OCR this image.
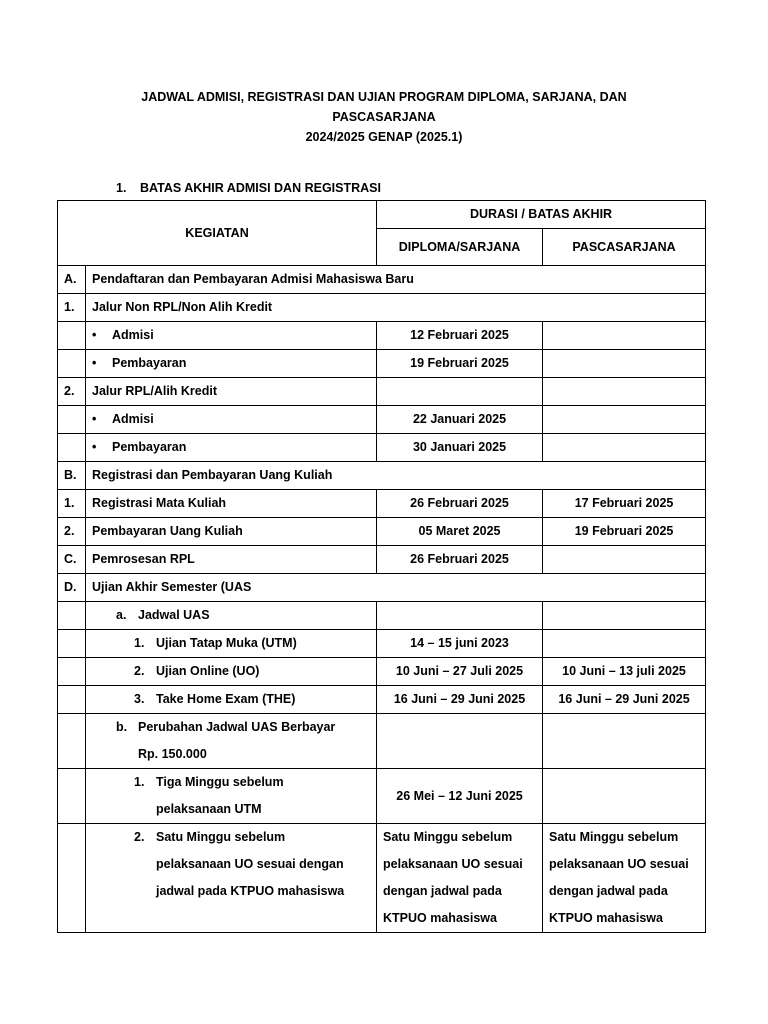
JADWAL ADMISI, REGISTRASI DAN UJIAN PROGRAM DIPLOMA, SARJANA, DAN
PASCASARJANA
2024/2025 GENAP (2025.1)
1. BATAS AKHIR ADMISI DAN REGISTRASI
KEGIATAN		DURASI / BATAS AKHIR	
		DIPLOMA/SARJANA	PASCASARJANA
A.	Pendaftaran dan Pembayaran Admisi Mahasiswa Baru		
1.	Jalur Non RPL/Non Alih Kredit		
	• Admisi	12 Februari 2025	
	• Pembayaran	19 Februari 2025	
2.	Jalur RPL/Alih Kredit		
	• Admisi	22 Januari 2025	
	• Pembayaran	30 Januari 2025	
B.	Registrasi dan Pembayaran Uang Kuliah		
1.	Registrasi Mata Kuliah	26 Februari 2025	17 Februari 2025
2.	Pembayaran Uang Kuliah	05 Maret 2025	19 Februari 2025
C.	Pemrosesan RPL	26 Februari 2025	
D.	Ujian Akhir Semester (UAS		
	a. Jadwal UAS		
	1. Ujian Tatap Muka (UTM)	14 – 15 juni 2023	
	2. Ujian Online (UO)	10 Juni – 27 Juli 2025	10 Juni – 13 juli 2025
	3. Take Home Exam (THE)	16 Juni – 29 Juni 2025	16 Juni – 29 Juni 2025
	b. Perubahan Jadwal UAS Berbayar
Rp. 150.000		

	1. Tiga Minggu sebelum
pelaksanaan UTM	26 Mei – 12 Juni 2025	
	2. Satu Minggu sebelum
pelaksanaan UO sesuai dengan
jadwal pada KTPUO mahasiswa	Satu Minggu sebelum
pelaksanaan UO sesuai
dengan jadwal pada
KTPUO mahasiswa	Satu Minggu sebelum
pelaksanaan UO sesuai
dengan jadwal pada
KTPUO mahasiswa
